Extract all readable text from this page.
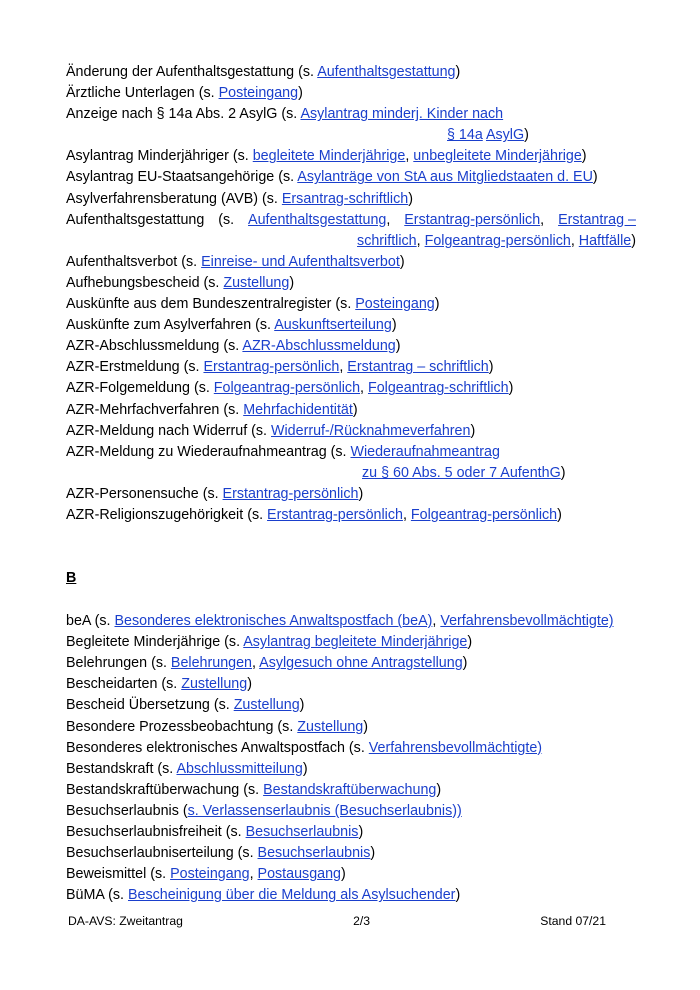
Änderung der Aufenthaltsgestattung (s. Aufenthaltsgestattung)
Ärztliche Unterlagen (s. Posteingang)
Anzeige nach § 14a Abs. 2 AsylG (s. Asylantrag minderj. Kinder nach
§ 14a AsylG)
Asylantrag Minderjähriger (s. begleitete Minderjährige, unbegleitete Minderjährige)
Asylantrag EU-Staatsangehörige (s. Asylanträge von StA aus Mitgliedstaaten d. EU)
Asylverfahrensberatung (AVB) (s. Ersantrag-schriftlich)
Aufenthaltsgestattung (s. Aufenthaltsgestattung, Erstantrag-persönlich, Erstantrag –
schriftlich, Folgeantrag-persönlich, Haftfälle)
Aufenthaltsverbot (s. Einreise- und Aufenthaltsverbot)
Aufhebungsbescheid (s. Zustellung)
Auskünfte aus dem Bundeszentralregister (s. Posteingang)
Auskünfte zum Asylverfahren (s. Auskunftserteilung)
AZR-Abschlussmeldung (s. AZR-Abschlussmeldung)
AZR-Erstmeldung (s. Erstantrag-persönlich, Erstantrag – schriftlich)
AZR-Folgemeldung (s. Folgeantrag-persönlich, Folgeantrag-schriftlich)
AZR-Mehrfachverfahren (s. Mehrfachidentität)
AZR-Meldung nach Widerruf (s. Widerruf-/Rücknahmeverfahren)
AZR-Meldung zu Wiederaufnahmeantrag (s. Wiederaufnahmeantrag
zu § 60 Abs. 5 oder 7 AufenthG)
AZR-Personensuche (s. Erstantrag-persönlich)
AZR-Religionszugehörigkeit (s. Erstantrag-persönlich, Folgeantrag-persönlich)
B
beA (s. Besonderes elektronisches Anwaltspostfach (beA), Verfahrensbevollmächtigte)
Begleitete Minderjährige (s. Asylantrag begleitete Minderjährige)
Belehrungen (s. Belehrungen, Asylgesuch ohne Antragstellung)
Bescheidarten (s. Zustellung)
Bescheid Übersetzung (s. Zustellung)
Besondere Prozessbeobachtung (s. Zustellung)
Besonderes elektronisches Anwaltspostfach (s. Verfahrensbevollmächtigte)
Bestandskraft (s. Abschlussmitteilung)
Bestandskraftüberwachung (s. Bestandskraftüberwachung)
Besuchserlaubnis (s. Verlassenserlaubnis (Besuchserlaubnis))
Besuchserlaubnisfreiheit (s. Besuchserlaubnis)
Besuchserlaubniserteilung (s. Besuchserlaubnis)
Beweismittel (s. Posteingang, Postausgang)
BüMA (s. Bescheinigung über die Meldung als Asylsuchender)
DA-AVS: Zweitantrag	2/3	Stand 07/21
